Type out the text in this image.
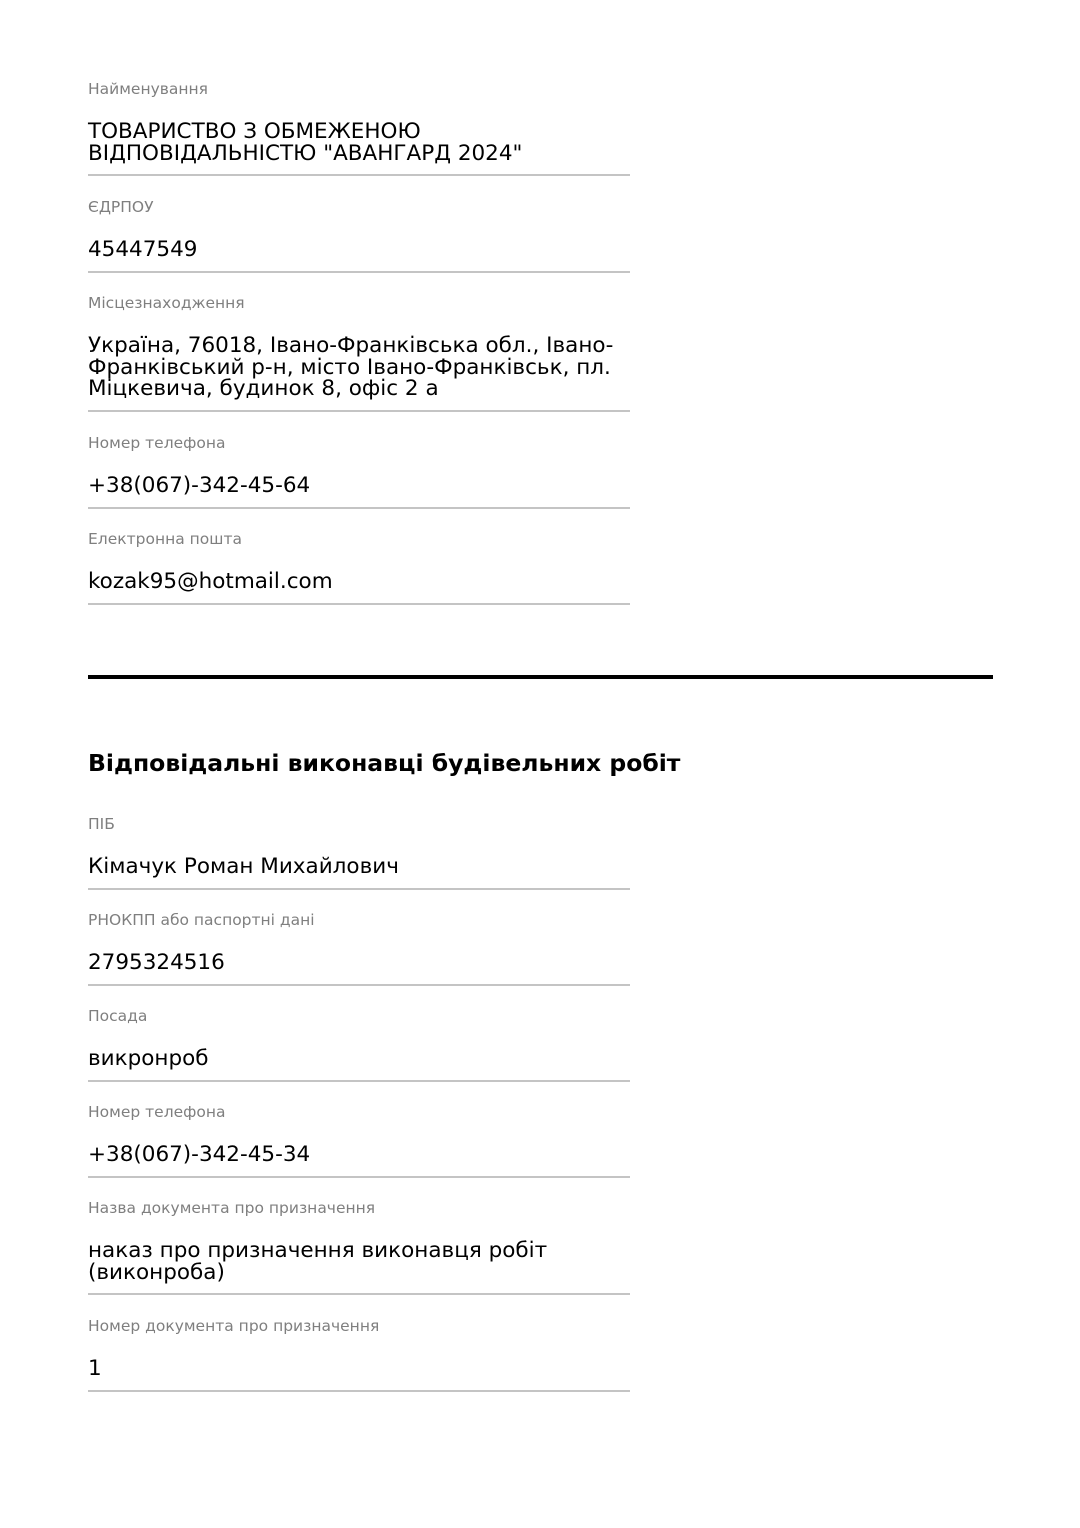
Найменування
ТОВАРИСТВО З ОБМЕЖЕНОЮ
ВІДПОВІДАЛЬНІСТЮ "АВАНГАРД 2024"
ЄДРПОУ
45447549
Місцезнаходження
Україна, 76018, Івано-Франківська обл., Івано-
Франківський р-н, місто Івано-Франківськ, пл.
Міцкевича, будинок 8, офіс 2 а
Номер телефона
+38(067)-342-45-64
Електронна пошта
kozak95@hotmail.com
Відповідальні виконавці будівельних робіт
ПІБ
Кімачук Роман Михайлович
РНОКПП або паспортні дані
2795324516
Посада
викронроб
Номер телефона
+38(067)-342-45-34
Назва документа про призначення
наказ про призначення виконавця робіт
(виконроба)
Номер документа про призначення
1
